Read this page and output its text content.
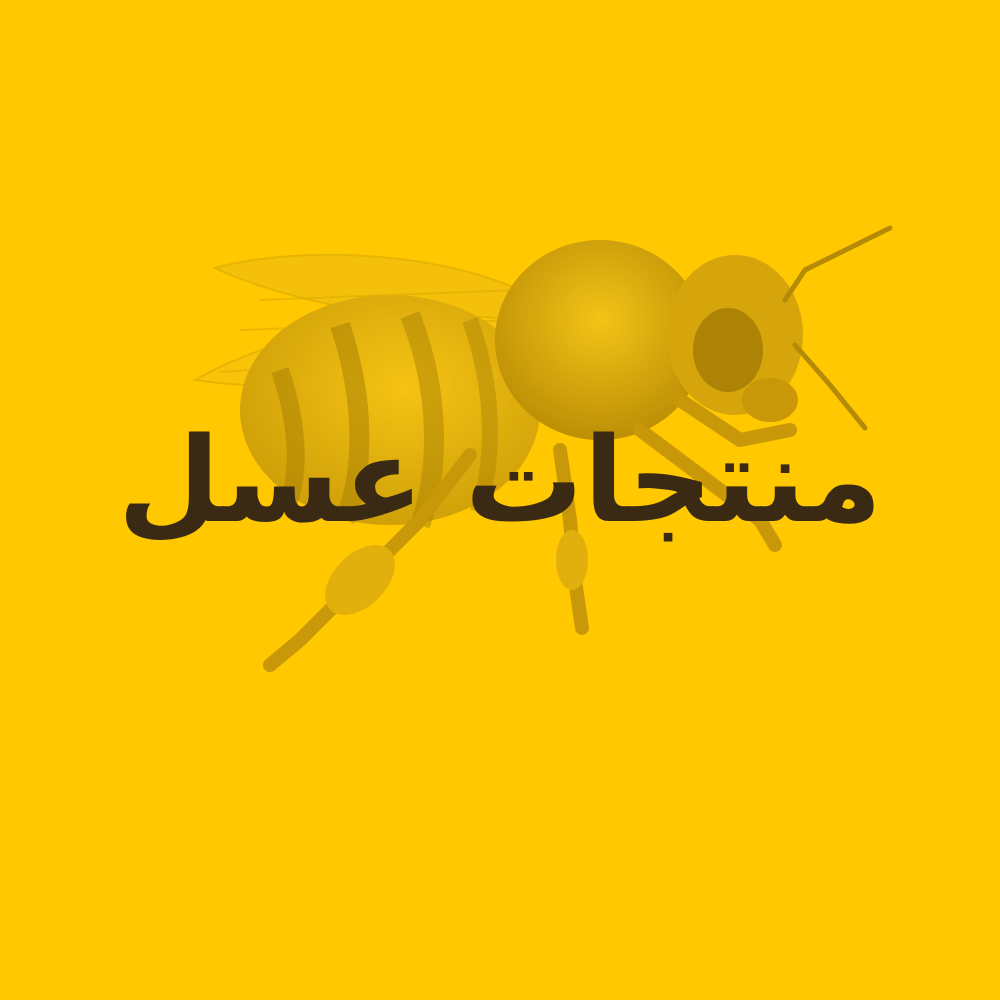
منتجات عسل
